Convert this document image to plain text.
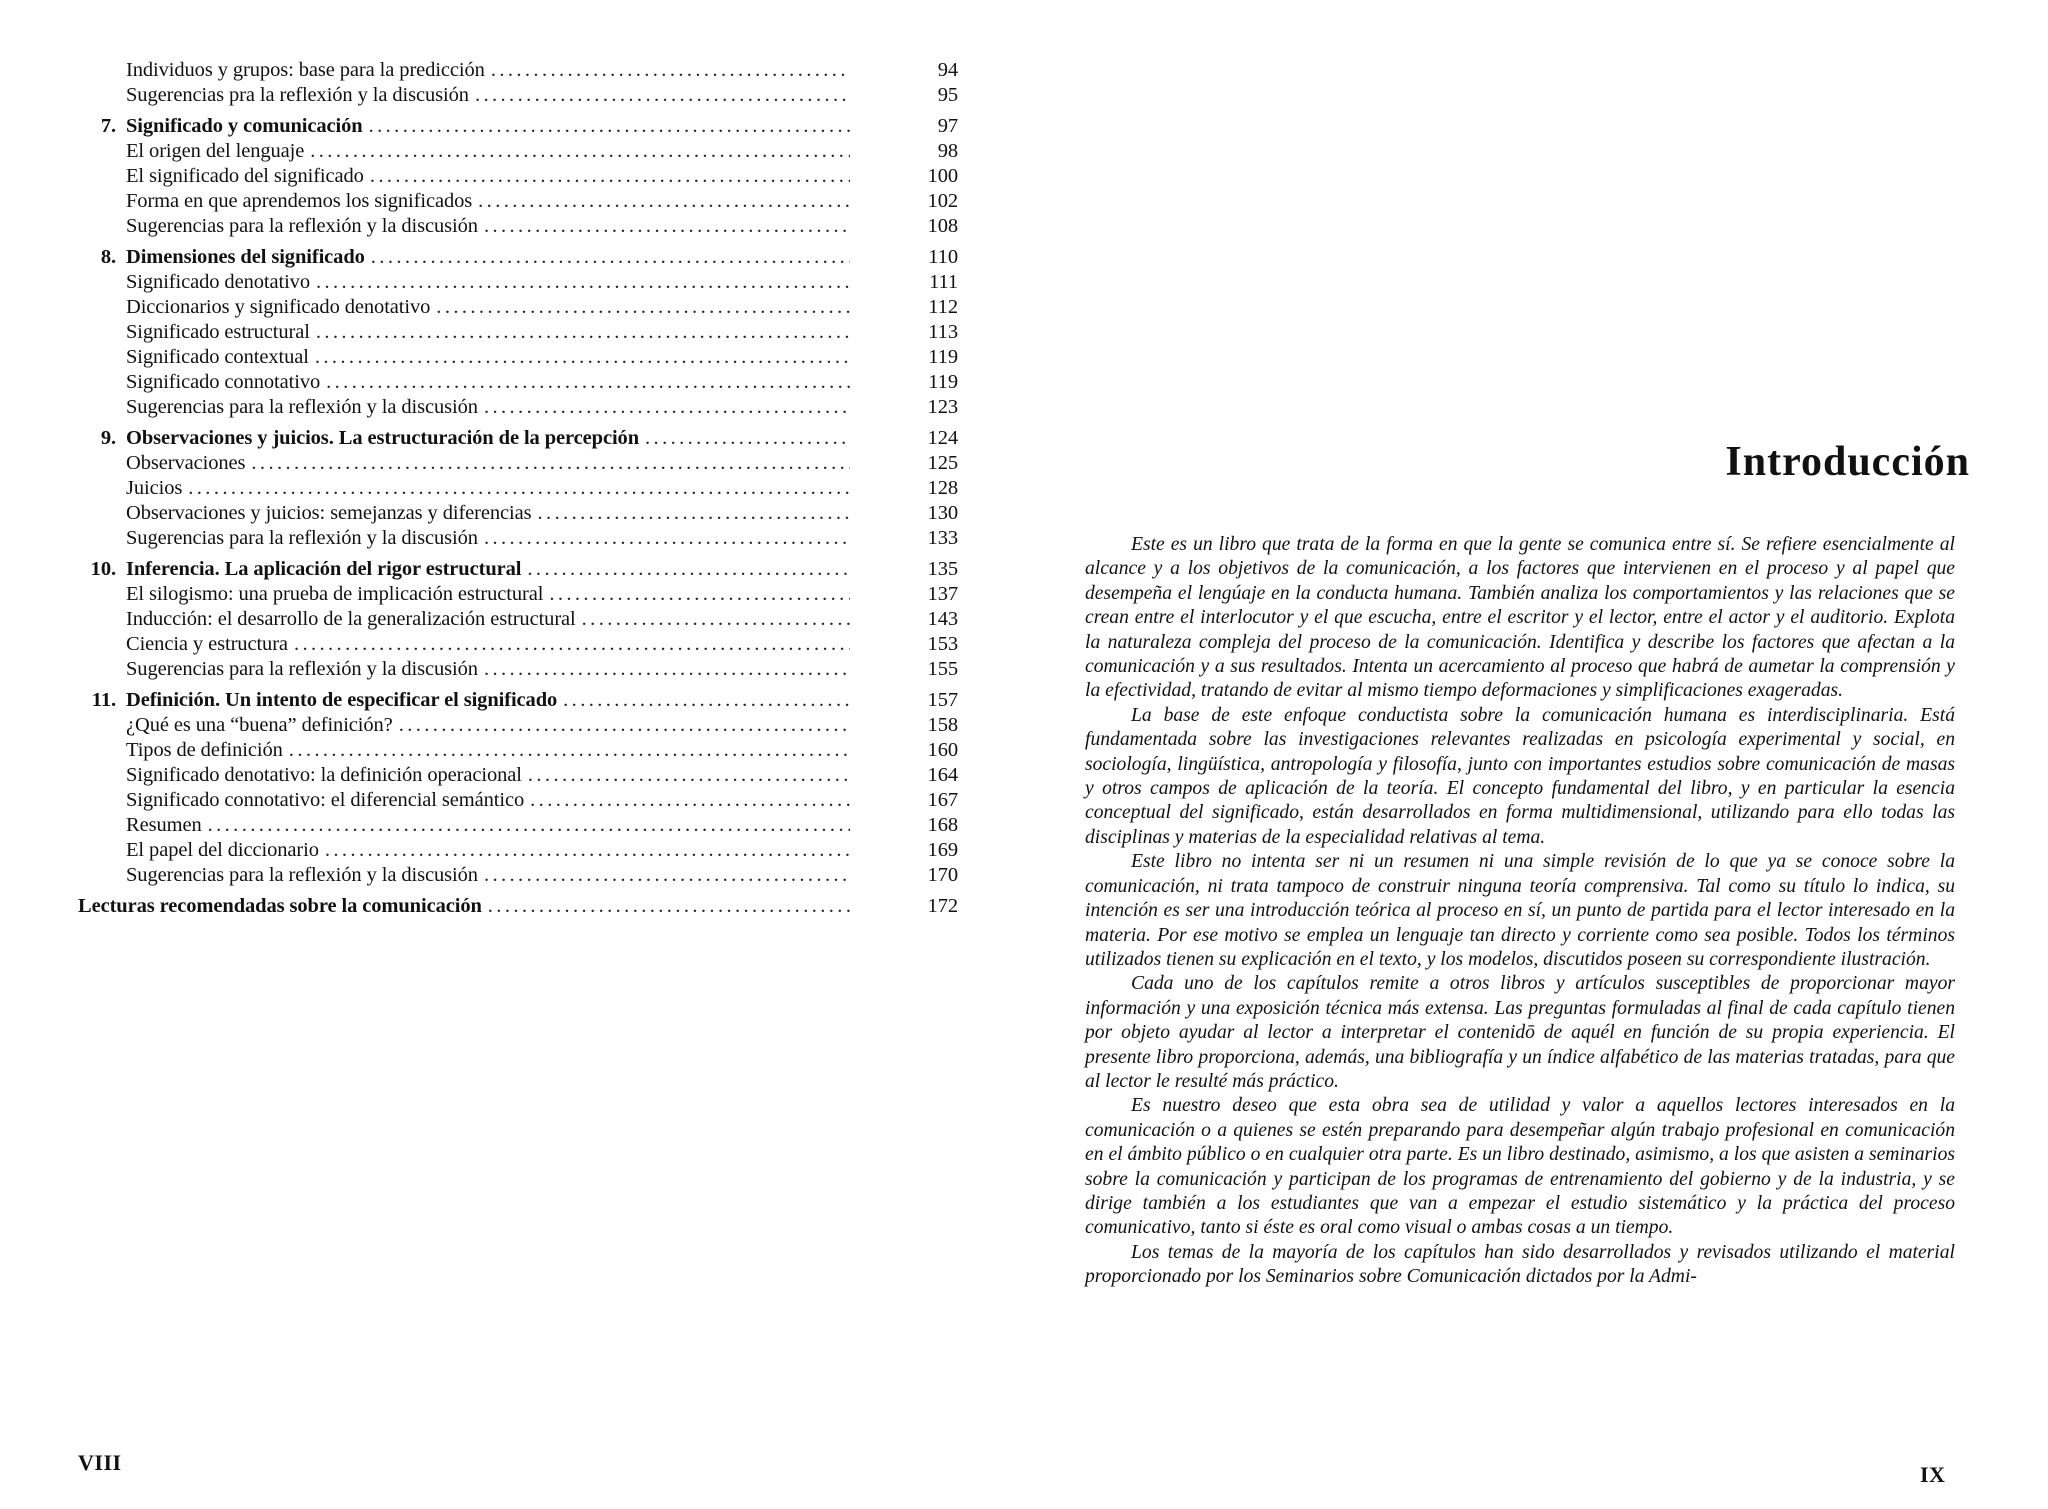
Individuos y grupos: base para la predicción .....	94
Sugerencias pra la reflexión y la discusión .....	95
7. Significado y comunicación .....	97
El origen del lenguaje .....	98
El significado del significado .....	100
Forma en que aprendemos los significados .....	102
Sugerencias para la reflexión y la discusión .....	108
8. Dimensiones del significado .....	110
Significado denotativo .....	111
Diccionarios y significado denotativo .....	112
Significado estructural .....	113
Significado contextual .....	119
Significado connotativo .....	119
Sugerencias para la reflexión y la discusión .....	123
9. Observaciones y juicios. La estructuración de la percepción .....	124
Observaciones .....	125
Juicios .....	128
Observaciones y juicios: semejanzas y diferencias .....	130
Sugerencias para la reflexión y la discusión .....	133
10. Inferencia. La aplicación del rigor estructural .....	135
El silogismo: una prueba de implicación estructural .....	137
Inducción: el desarrollo de la generalización estructural .....	143
Ciencia y estructura .....	153
Sugerencias para la reflexión y la discusión .....	155
11. Definición. Un intento de especificar el significado .....	157
¿Qué es una “buena” definición? .....	158
Tipos de definición .....	160
Significado denotativo: la definición operacional .....	164
Significado connotativo: el diferencial semántico .....	167
Resumen .....	168
El papel del diccionario .....	169
Sugerencias para la reflexión y la discusión .....	170
Lecturas recomendadas sobre la comunicación .....	172
VIII
Introducción

Este es un libro que trata de la forma en que la gente se comunica entre sí. Se refiere esencialmente al alcance y a los objetivos de la comunicación, a los factores que intervienen en el proceso y al papel que desempeña el lengúaje en la conducta humana. También analiza los comportamientos y las relaciones que se crean entre el interlocutor y el que escucha, entre el escritor y el lector, entre el actor y el auditorio. Explota la naturaleza compleja del proceso de la comunicación. Identifica y describe los factores que afectan a la comunicación y a sus resultados. Intenta un acercamiento al proceso que habrá de aumetar la comprensión y la efectividad, tratando de evitar al mismo tiempo deformaciones y simplificaciones exageradas.

La base de este enfoque conductista sobre la comunicación humana es interdisciplinaria. Está fundamentada sobre las investigaciones relevantes realizadas en psicología experimental y social, en sociología, lingüística, antropología y filosofía, junto con importantes estudios sobre comunicación de masas y otros campos de aplicación de la teoría. El concepto fundamental del libro, y en particular la esencia conceptual del significado, están desarrollados en forma multidimensional, utilizando para ello todas las disciplinas y materias de la especialidad relativas al tema.

Este libro no intenta ser ni un resumen ni una simple revisión de lo que ya se conoce sobre la comunicación, ni trata tampoco de construir ninguna teoría comprensiva. Tal como su título lo indica, su intención es ser una introducción teórica al proceso en sí, un punto de partida para el lector interesado en la materia. Por ese motivo se emplea un lenguaje tan directo y corriente como sea posible. Todos los términos utilizados tienen su explicación en el texto, y los modelos, discutidos poseen su correspondiente ilustración.

Cada uno de los capítulos remite a otros libros y artículos susceptibles de proporcionar mayor información y una exposición técnica más extensa. Las preguntas formuladas al final de cada capítulo tienen por objeto ayudar al lector a interpretar el contenidō de aquél en función de su propia experiencia. El presente libro proporciona, además, una bibliografía y un índice alfabético de las materias tratadas, para que al lector le resulté más práctico.

Es nuestro deseo que esta obra sea de utilidad y valor a aquellos lectores interesados en la comunicación o a quienes se estén preparando para desempeñar algún trabajo profesional en comunicación en el ámbito público o en cualquier otra parte. Es un libro destinado, asimismo, a los que asisten a seminarios sobre la comunicación y participan de los programas de entrenamiento del gobierno y de la industria, y se dirige también a los estudiantes que van a empezar el estudio sistemático y la práctica del proceso comunicativo, tanto si éste es oral como visual o ambas cosas a un tiempo.

Los temas de la mayoría de los capítulos han sido desarrollados y revisados utilizando el material proporcionado por los Seminarios sobre Comunicación dictados por la Admi-

IX
